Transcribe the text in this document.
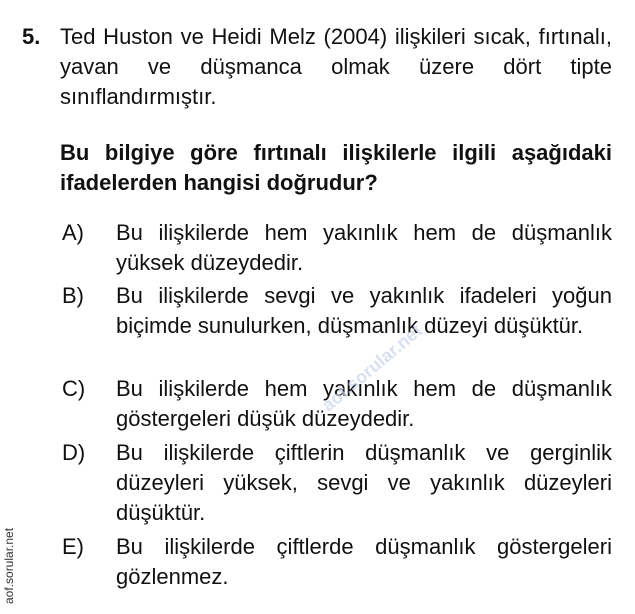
5. Ted Huston ve Heidi Melz (2004) ilişkileri sıcak, fırtınalı, yavan ve düşmanca olmak üzere dört tipte sınıflandırmıştır.

Bu bilgiye göre fırtınalı ilişkilerle ilgili aşağıdaki ifadelerden hangisi doğrudur?

A) Bu ilişkilerde hem yakınlık hem de düşmanlık yüksek düzeydedir.

B) Bu ilişkilerde sevgi ve yakınlık ifadeleri yoğun biçimde sunulurken, düşmanlık düzeyi düşüktür.

C) Bu ilişkilerde hem yakınlık hem de düşmanlık göstergeleri düşük düzeydedir.

D) Bu ilişkilerde çiftlerin düşmanlık ve gerginlik düzeyleri yüksek, sevgi ve yakınlık düzeyleri düşüktür.

E) Bu ilişkilerde çiftlerde düşmanlık göstergeleri gözlenmez.

aof.sorular.net
aof.sorular.net
